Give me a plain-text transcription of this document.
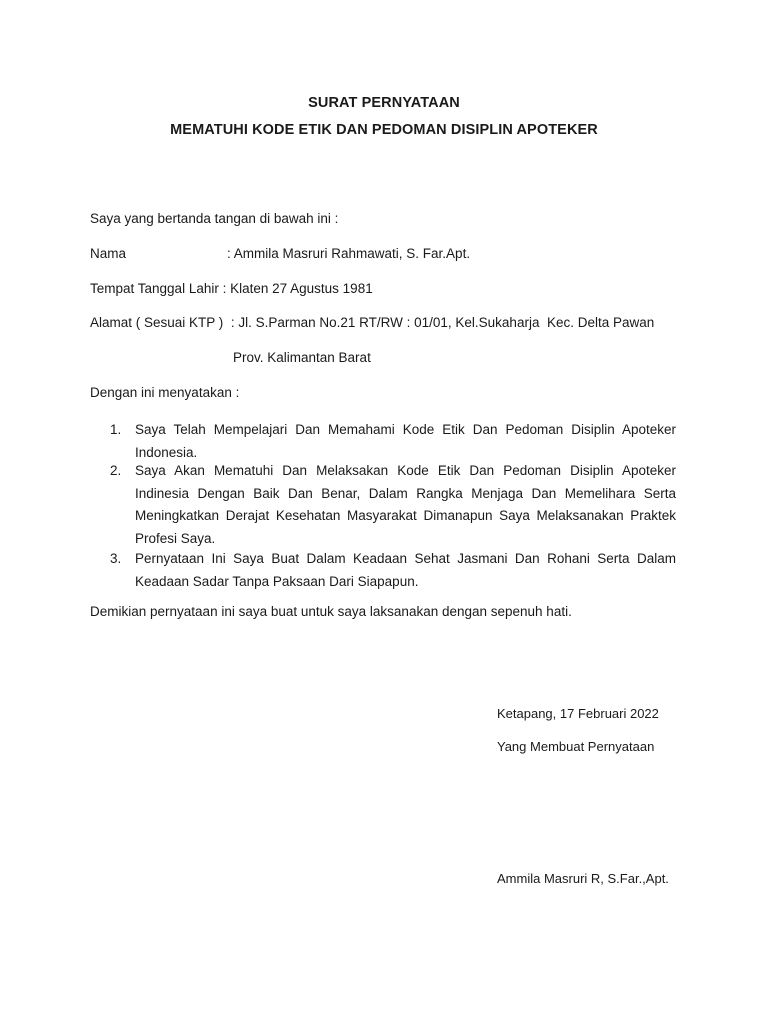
SURAT PERNYATAAN
MEMATUHI KODE ETIK DAN PEDOMAN DISIPLIN APOTEKER
Saya yang bertanda tangan di bawah ini :
Nama	: Ammila Masruri Rahmawati, S. Far.Apt.
Tempat Tanggal Lahir : Klaten 27 Agustus 1981
Alamat ( Sesuai KTP )  : Jl. S.Parman No.21 RT/RW : 01/01, Kel.Sukaharja  Kec. Delta Pawan
Prov. Kalimantan Barat
Dengan ini menyatakan :
1.	Saya Telah Mempelajari Dan Memahami Kode Etik Dan Pedoman Disiplin Apoteker
Indonesia.
2.	Saya Akan Mematuhi Dan Melaksakan Kode Etik Dan Pedoman Disiplin Apoteker
Indinesia Dengan Baik Dan Benar, Dalam Rangka Menjaga Dan Memelihara Serta
Meningkatkan Derajat Kesehatan Masyarakat Dimanapun Saya Melaksanakan Praktek
Profesi Saya.
3.	Pernyataan Ini Saya Buat Dalam Keadaan Sehat Jasmani Dan Rohani Serta Dalam
Keadaan Sadar Tanpa Paksaan Dari Siapapun.
Demikian pernyataan ini saya buat untuk saya laksanakan dengan sepenuh hati.
Ketapang, 17 Februari 2022
Yang Membuat Pernyataan
Ammila Masruri R, S.Far.,Apt.
